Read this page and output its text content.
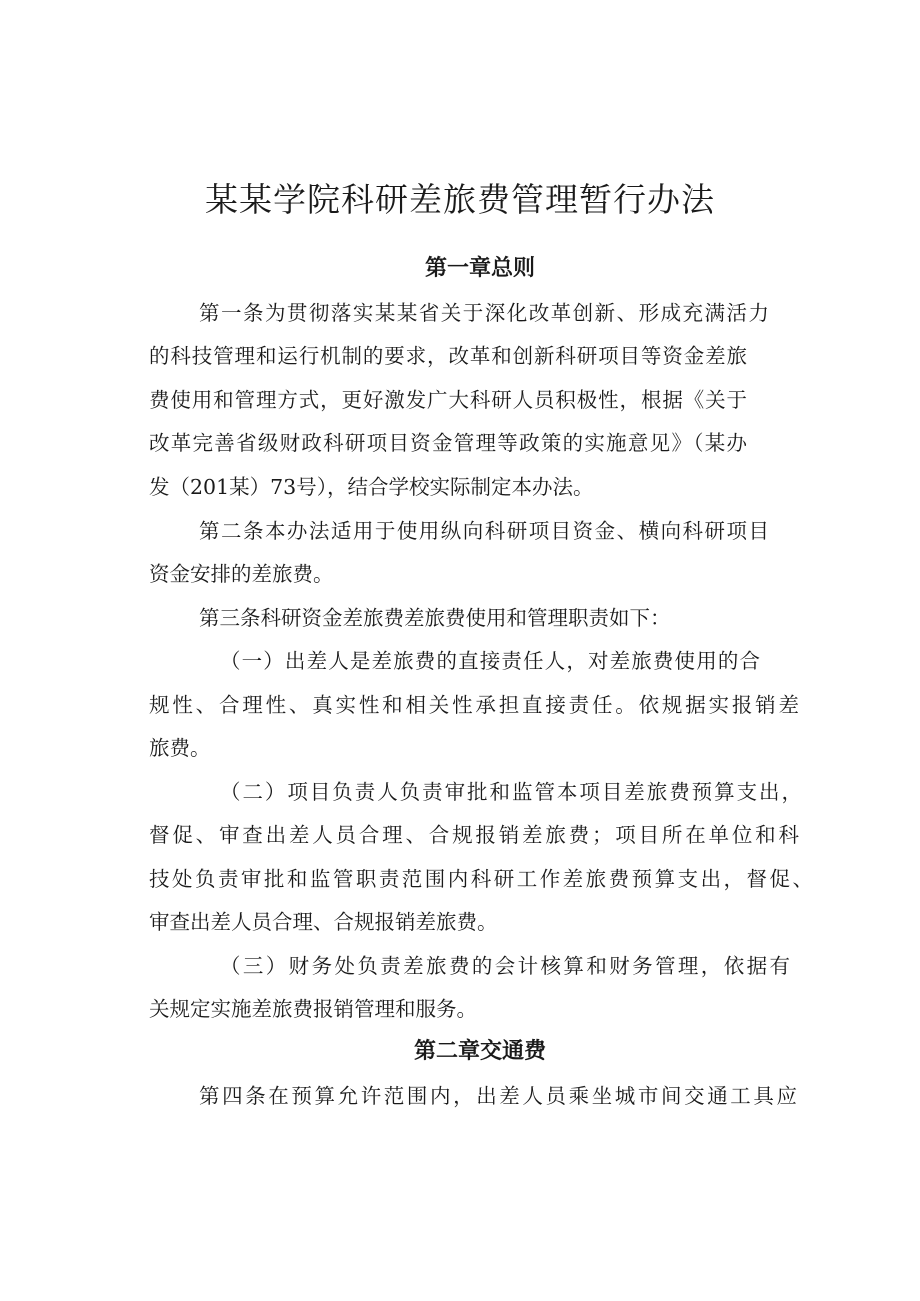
某某学院科研差旅费管理暂行办法
第一章总则
第一条为贯彻落实某某省关于深化改革创新、形成充满活力
的科技管理和运行机制的要求，改革和创新科研项目等资金差旅
费使用和管理方式，更好激发广大科研人员积极性，根据《关于
改革完善省级财政科研项目资金管理等政策的实施意见》（某办
发（201某）73号），结合学校实际制定本办法。
第二条本办法适用于使用纵向科研项目资金、横向科研项目
资金安排的差旅费。
第三条科研资金差旅费差旅费使用和管理职责如下：
（一）出差人是差旅费的直接责任人，对差旅费使用的合
规性、合理性、真实性和相关性承担直接责任。依规据实报销差
旅费。
（二）项目负责人负责审批和监管本项目差旅费预算支出，
督促、审查出差人员合理、合规报销差旅费；项目所在单位和科
技处负责审批和监管职责范围内科研工作差旅费预算支出，督促、
审查出差人员合理、合规报销差旅费。
（三）财务处负责差旅费的会计核算和财务管理，依据有
关规定实施差旅费报销管理和服务。
第二章交通费
第四条在预算允许范围内，出差人员乘坐城市间交通工具应
